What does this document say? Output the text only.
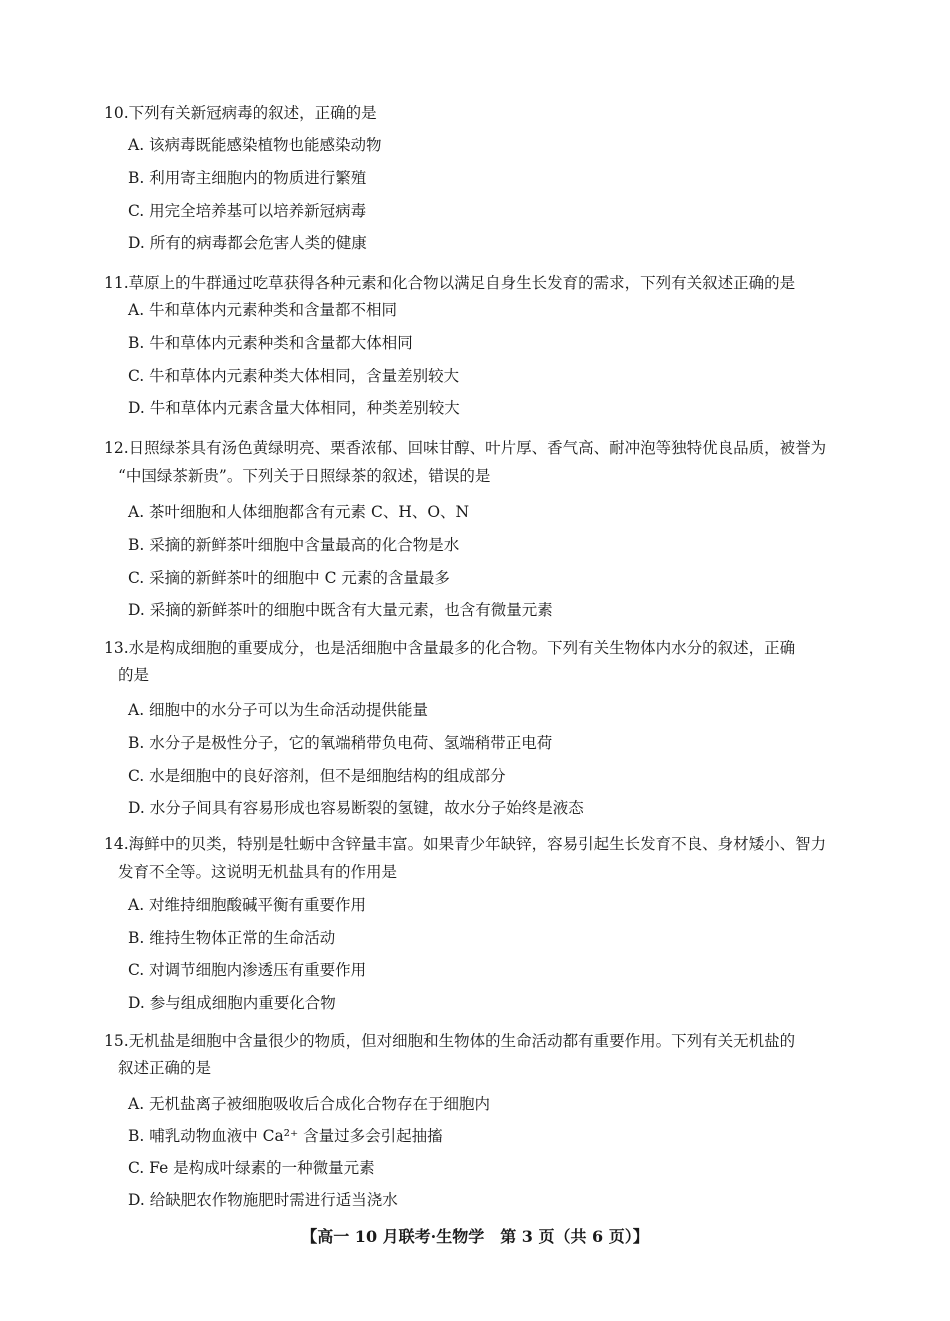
10.下列有关新冠病毒的叙述，正确的是
A. 该病毒既能感染植物也能感染动物
B. 利用寄主细胞内的物质进行繁殖
C. 用完全培养基可以培养新冠病毒
D. 所有的病毒都会危害人类的健康
11.草原上的牛群通过吃草获得各种元素和化合物以满足自身生长发育的需求，下列有关叙述正确的是
A. 牛和草体内元素种类和含量都不相同
B. 牛和草体内元素种类和含量都大体相同
C. 牛和草体内元素种类大体相同，含量差别较大
D. 牛和草体内元素含量大体相同，种类差别较大
12.日照绿茶具有汤色黄绿明亮、栗香浓郁、回味甘醇、叶片厚、香气高、耐冲泡等独特优良品质，被誉为
“中国绿茶新贵”。下列关于日照绿茶的叙述，错误的是
A. 茶叶细胞和人体细胞都含有元素 C、H、O、N
B. 采摘的新鲜茶叶细胞中含量最高的化合物是水
C. 采摘的新鲜茶叶的细胞中 C 元素的含量最多
D. 采摘的新鲜茶叶的细胞中既含有大量元素，也含有微量元素
13.水是构成细胞的重要成分，也是活细胞中含量最多的化合物。下列有关生物体内水分的叙述，正确
的是
A. 细胞中的水分子可以为生命活动提供能量
B. 水分子是极性分子，它的氧端稍带负电荷、氢端稍带正电荷
C. 水是细胞中的良好溶剂，但不是细胞结构的组成部分
D. 水分子间具有容易形成也容易断裂的氢键，故水分子始终是液态
14.海鲜中的贝类，特别是牡蛎中含锌量丰富。如果青少年缺锌，容易引起生长发育不良、身材矮小、智力
发育不全等。这说明无机盐具有的作用是
A. 对维持细胞酸碱平衡有重要作用
B. 维持生物体正常的生命活动
C. 对调节细胞内渗透压有重要作用
D. 参与组成细胞内重要化合物
15.无机盐是细胞中含量很少的物质，但对细胞和生物体的生命活动都有重要作用。下列有关无机盐的
叙述正确的是
A. 无机盐离子被细胞吸收后合成化合物存在于细胞内
B. 哺乳动物血液中 Ca²⁺ 含量过多会引起抽搐
C. Fe 是构成叶绿素的一种微量元素
D. 给缺肥农作物施肥时需进行适当浇水
【高一 10 月联考·生物学　第 3 页（共 6 页）】
